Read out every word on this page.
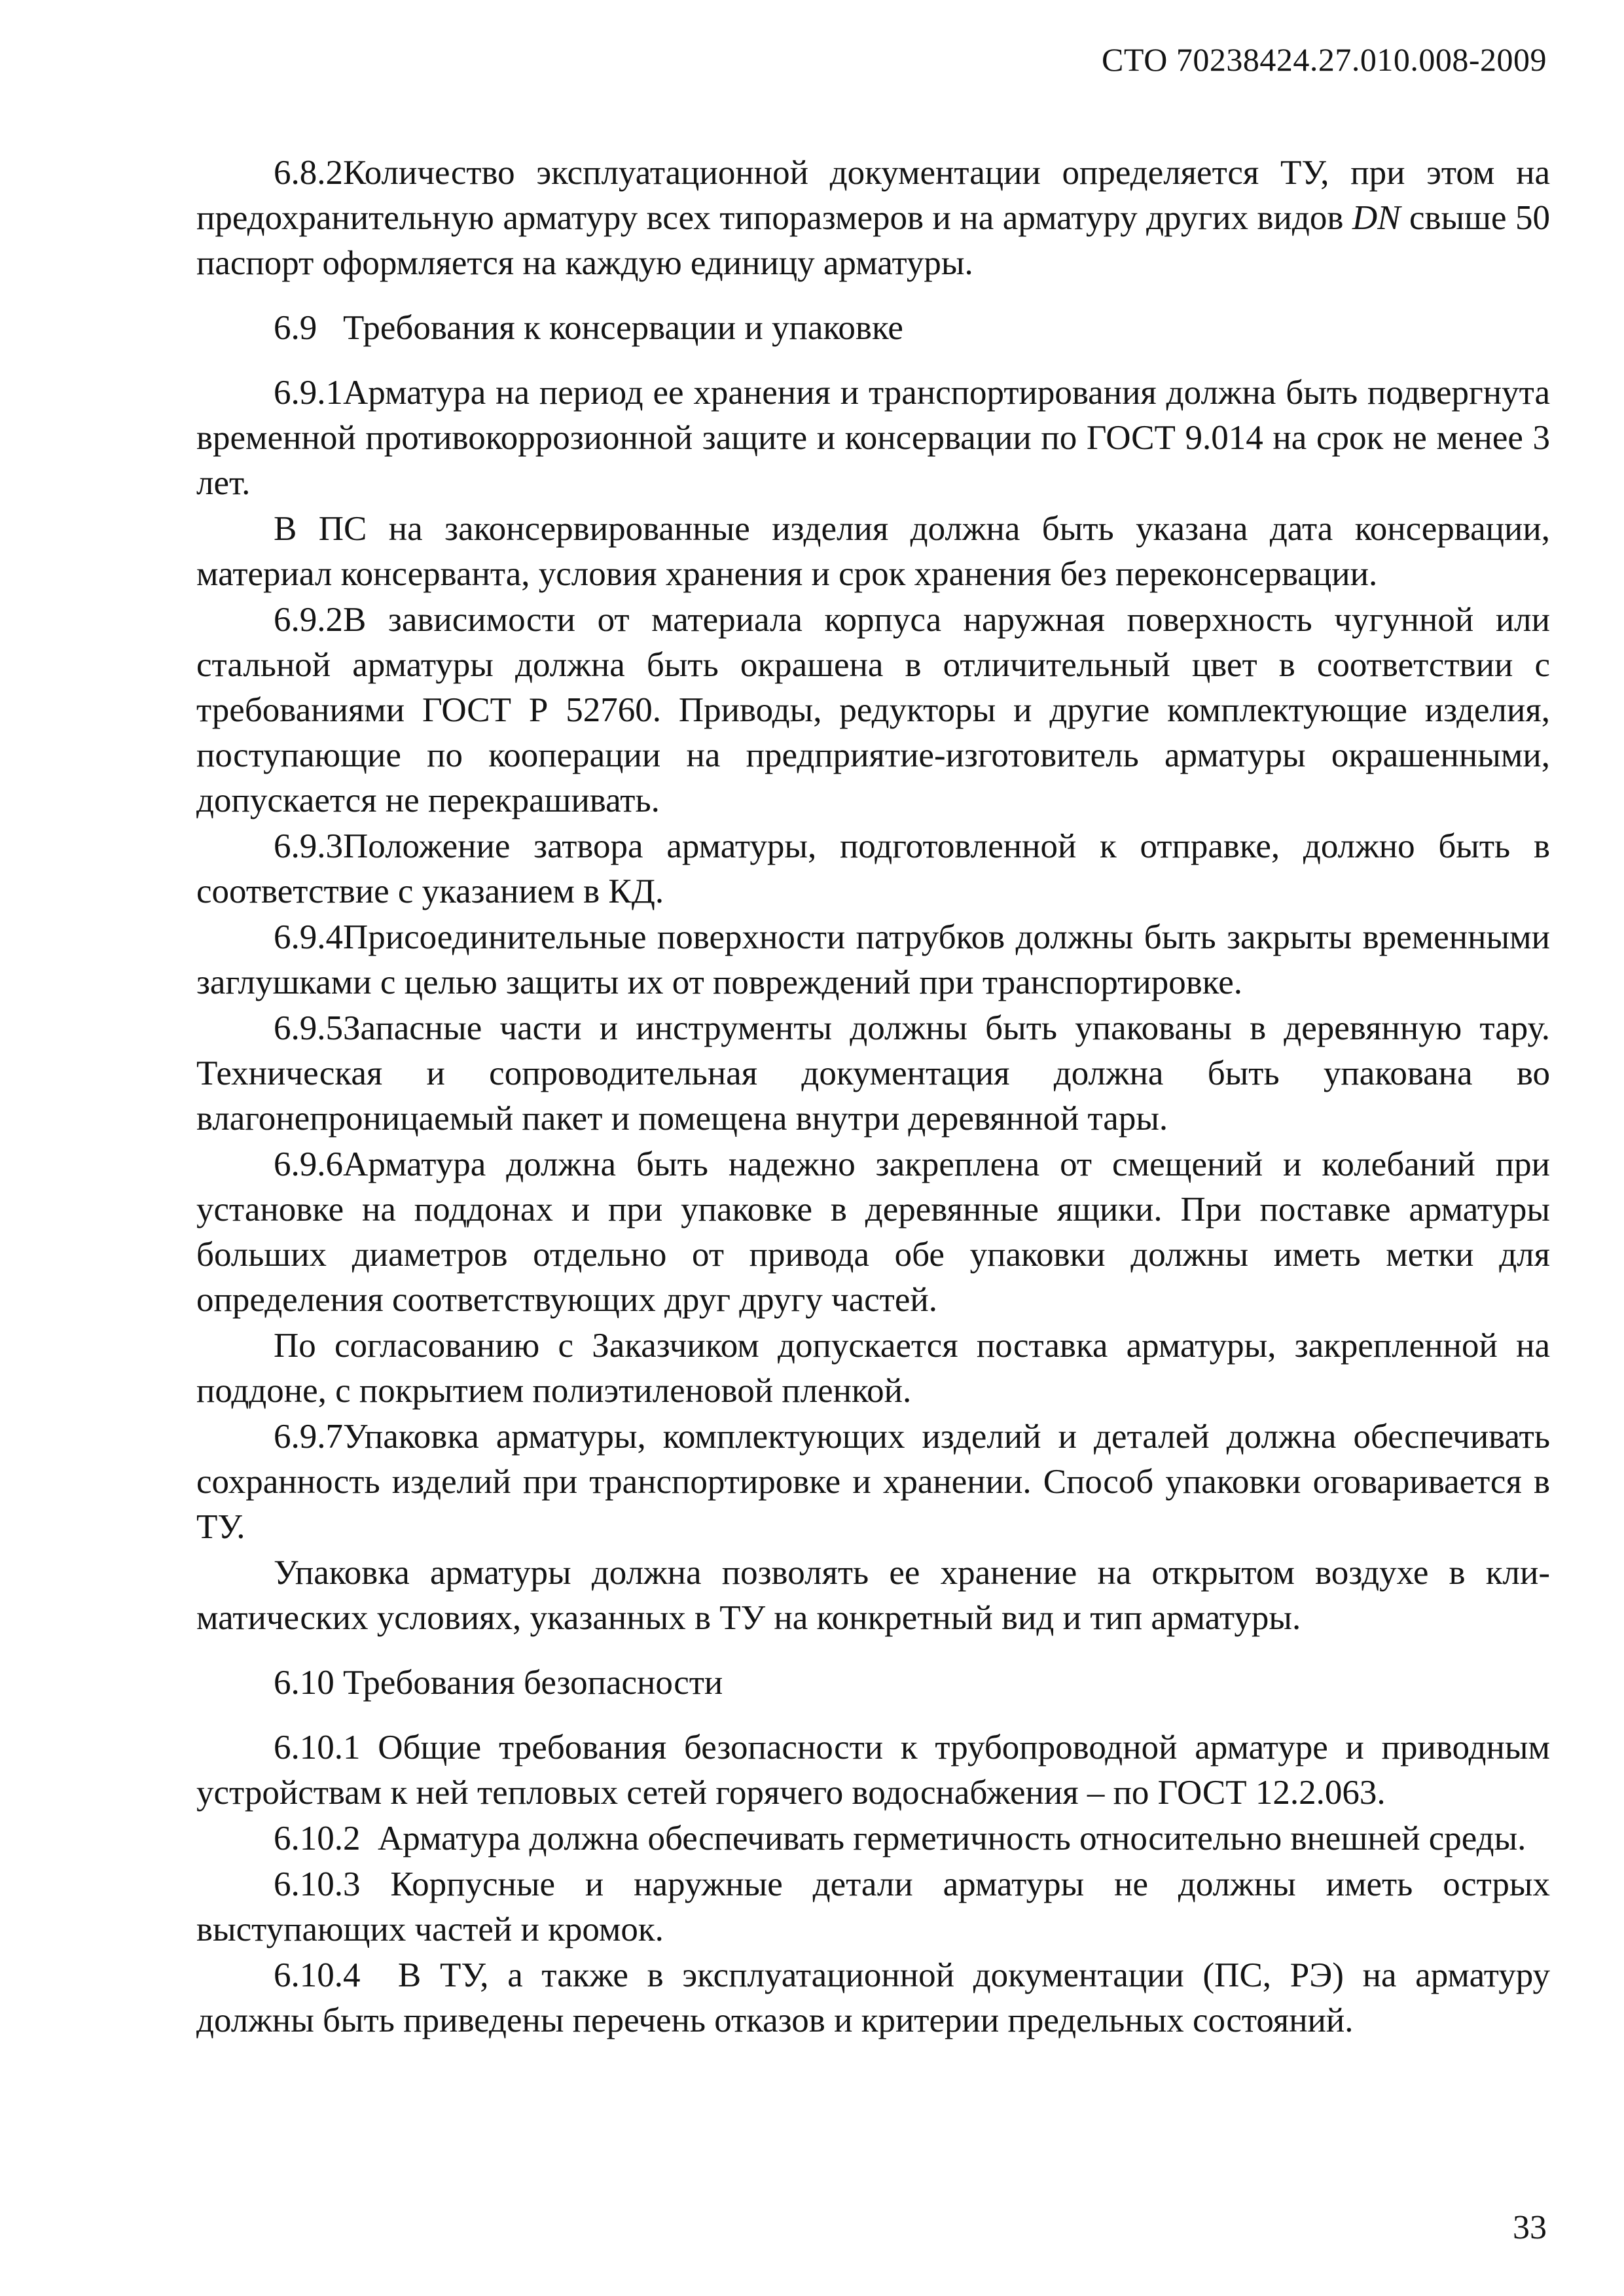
СТО 70238424.27.010.008-2009

6.8.2Количество эксплуатационной документации определяется ТУ, при этом на предохранительную арматуру всех типоразмеров и на арматуру других видов DN свыше 50 паспорт оформляется на каждую единицу арматуры.

6.9 Требования к консервации и упаковке

6.9.1Арматура на период ее хранения и транспортирования должна быть подвергнута временной противокоррозионной защите и консервации по ГОСТ 9.014 на срок не менее 3 лет.

В ПС на законсервированные изделия должна быть указана дата консервации, материал консерванта, условия хранения и срок хранения без переконсервации.

6.9.2В зависимости от материала корпуса наружная поверхность чугунной или стальной арматуры должна быть окрашена в отличительный цвет в соответствии с требованиями ГОСТ Р 52760. Приводы, редукторы и другие комплектующие изделия, поступающие по кооперации на предприятие-изготовитель арматуры окрашенными, допускается не перекрашивать.

6.9.3Положение затвора арматуры, подготовленной к отправке, должно быть в соответствие с указанием в КД.

6.9.4Присоединительные поверхности патрубков должны быть закрыты временными заглушками с целью защиты их от повреждений при транспортировке.

6.9.5Запасные части и инструменты должны быть упакованы в деревянную тару. Техническая и сопроводительная документация должна быть упакована во влагонепроницаемый пакет и помещена внутри деревянной тары.

6.9.6Арматура должна быть надежно закреплена от смещений и колебаний при установке на поддонах и при упаковке в деревянные ящики. При поставке арматуры больших диаметров отдельно от привода обе упаковки должны иметь метки для определения соответствующих друг другу частей.

По согласованию с Заказчиком допускается поставка арматуры, закрепленной на поддоне, с покрытием полиэтиленовой пленкой.

6.9.7Упаковка арматуры, комплектующих изделий и деталей должна обеспечивать сохранность изделий при транспортировке и хранении. Способ упаковки оговаривается в ТУ.

Упаковка арматуры должна позволять ее хранение на открытом воздухе в климатических условиях, указанных в ТУ на конкретный вид и тип арматуры.

6.10 Требования безопасности

6.10.1 Общие требования безопасности к трубопроводной арматуре и приводным устройствам к ней тепловых сетей горячего водоснабжения – по ГОСТ 12.2.063.

6.10.2 Арматура должна обеспечивать герметичность относительно внешней среды.

6.10.3 Корпусные и наружные детали арматуры не должны иметь острых выступающих частей и кромок.

6.10.4 В ТУ, а также в эксплуатационной документации (ПС, РЭ) на арматуру должны быть приведены перечень отказов и критерии предельных состояний.

33
